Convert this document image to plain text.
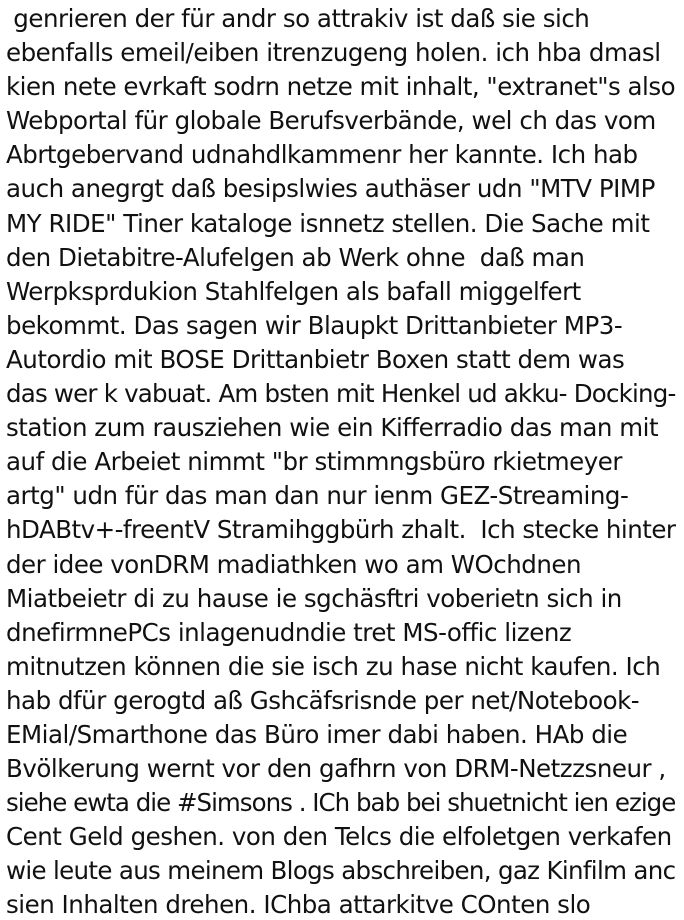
genrieren der für andr so attrakiv ist daß sie sich
ebenfalls emeil/eiben itrenzugeng holen. ich hba dmasl
kien nete evrkaft sodrn netze mit inhalt, "extranet"s also
Webportal für globale Berufsverbände, wel ch das vom
Abrtgebervand udnahdlkammenr her kannte. Ich hab
auch anegrgt daß besipslwies authäser udn "MTV PIMP
MY RIDE" Tiner kataloge isnnetz stellen. Die Sache mit
den Dietabitre-Alufelgen ab Werk ohne  daß man
Werpksprdukion Stahlfelgen als bafall miggelfert
bekommt. Das sagen wir Blaupkt Drittanbieter MP3-
Autordio mit BOSE Drittanbietr Boxen statt dem was
das wer k vabuat. Am bsten mit Henkel ud akku- Docking-
station zum rausziehen wie ein Kifferradio das man mit
auf die Arbeiet nimmt "br stimmngsbüro rkietmeyer
artg" udn für das man dan nur ienm GEZ-Streaming-
hDABtv+-freentV Stramihggbürh zhalt.  Ich stecke hinter
der idee vonDRM madiathken wo am WOchdnen
Miatbeietr di zu hause ie sgchäsftri voberietn sich in
dnefirmnePCs inlagenudndie tret MS-offic lizenz
mitnutzen können die sie isch zu hase nicht kaufen. Ich
hab dfür gerogtd aß Gshcäfsrisnde per net/Notebook-
EMial/Smarthone das Büro imer dabi haben. HAb die
Bvölkerung wernt vor den gafhrn von DRM-Netzzsneur ,
siehe ewta die #Simsons . ICh bab bei shuetnicht ien ezige
Cent Geld geshen. von den Telcs die elfoletgen verkafen
wie leute aus meinem Blogs abschreiben, gaz Kinfilm anc
sien Inhalten drehen. IChba attarkitve COnten slo
